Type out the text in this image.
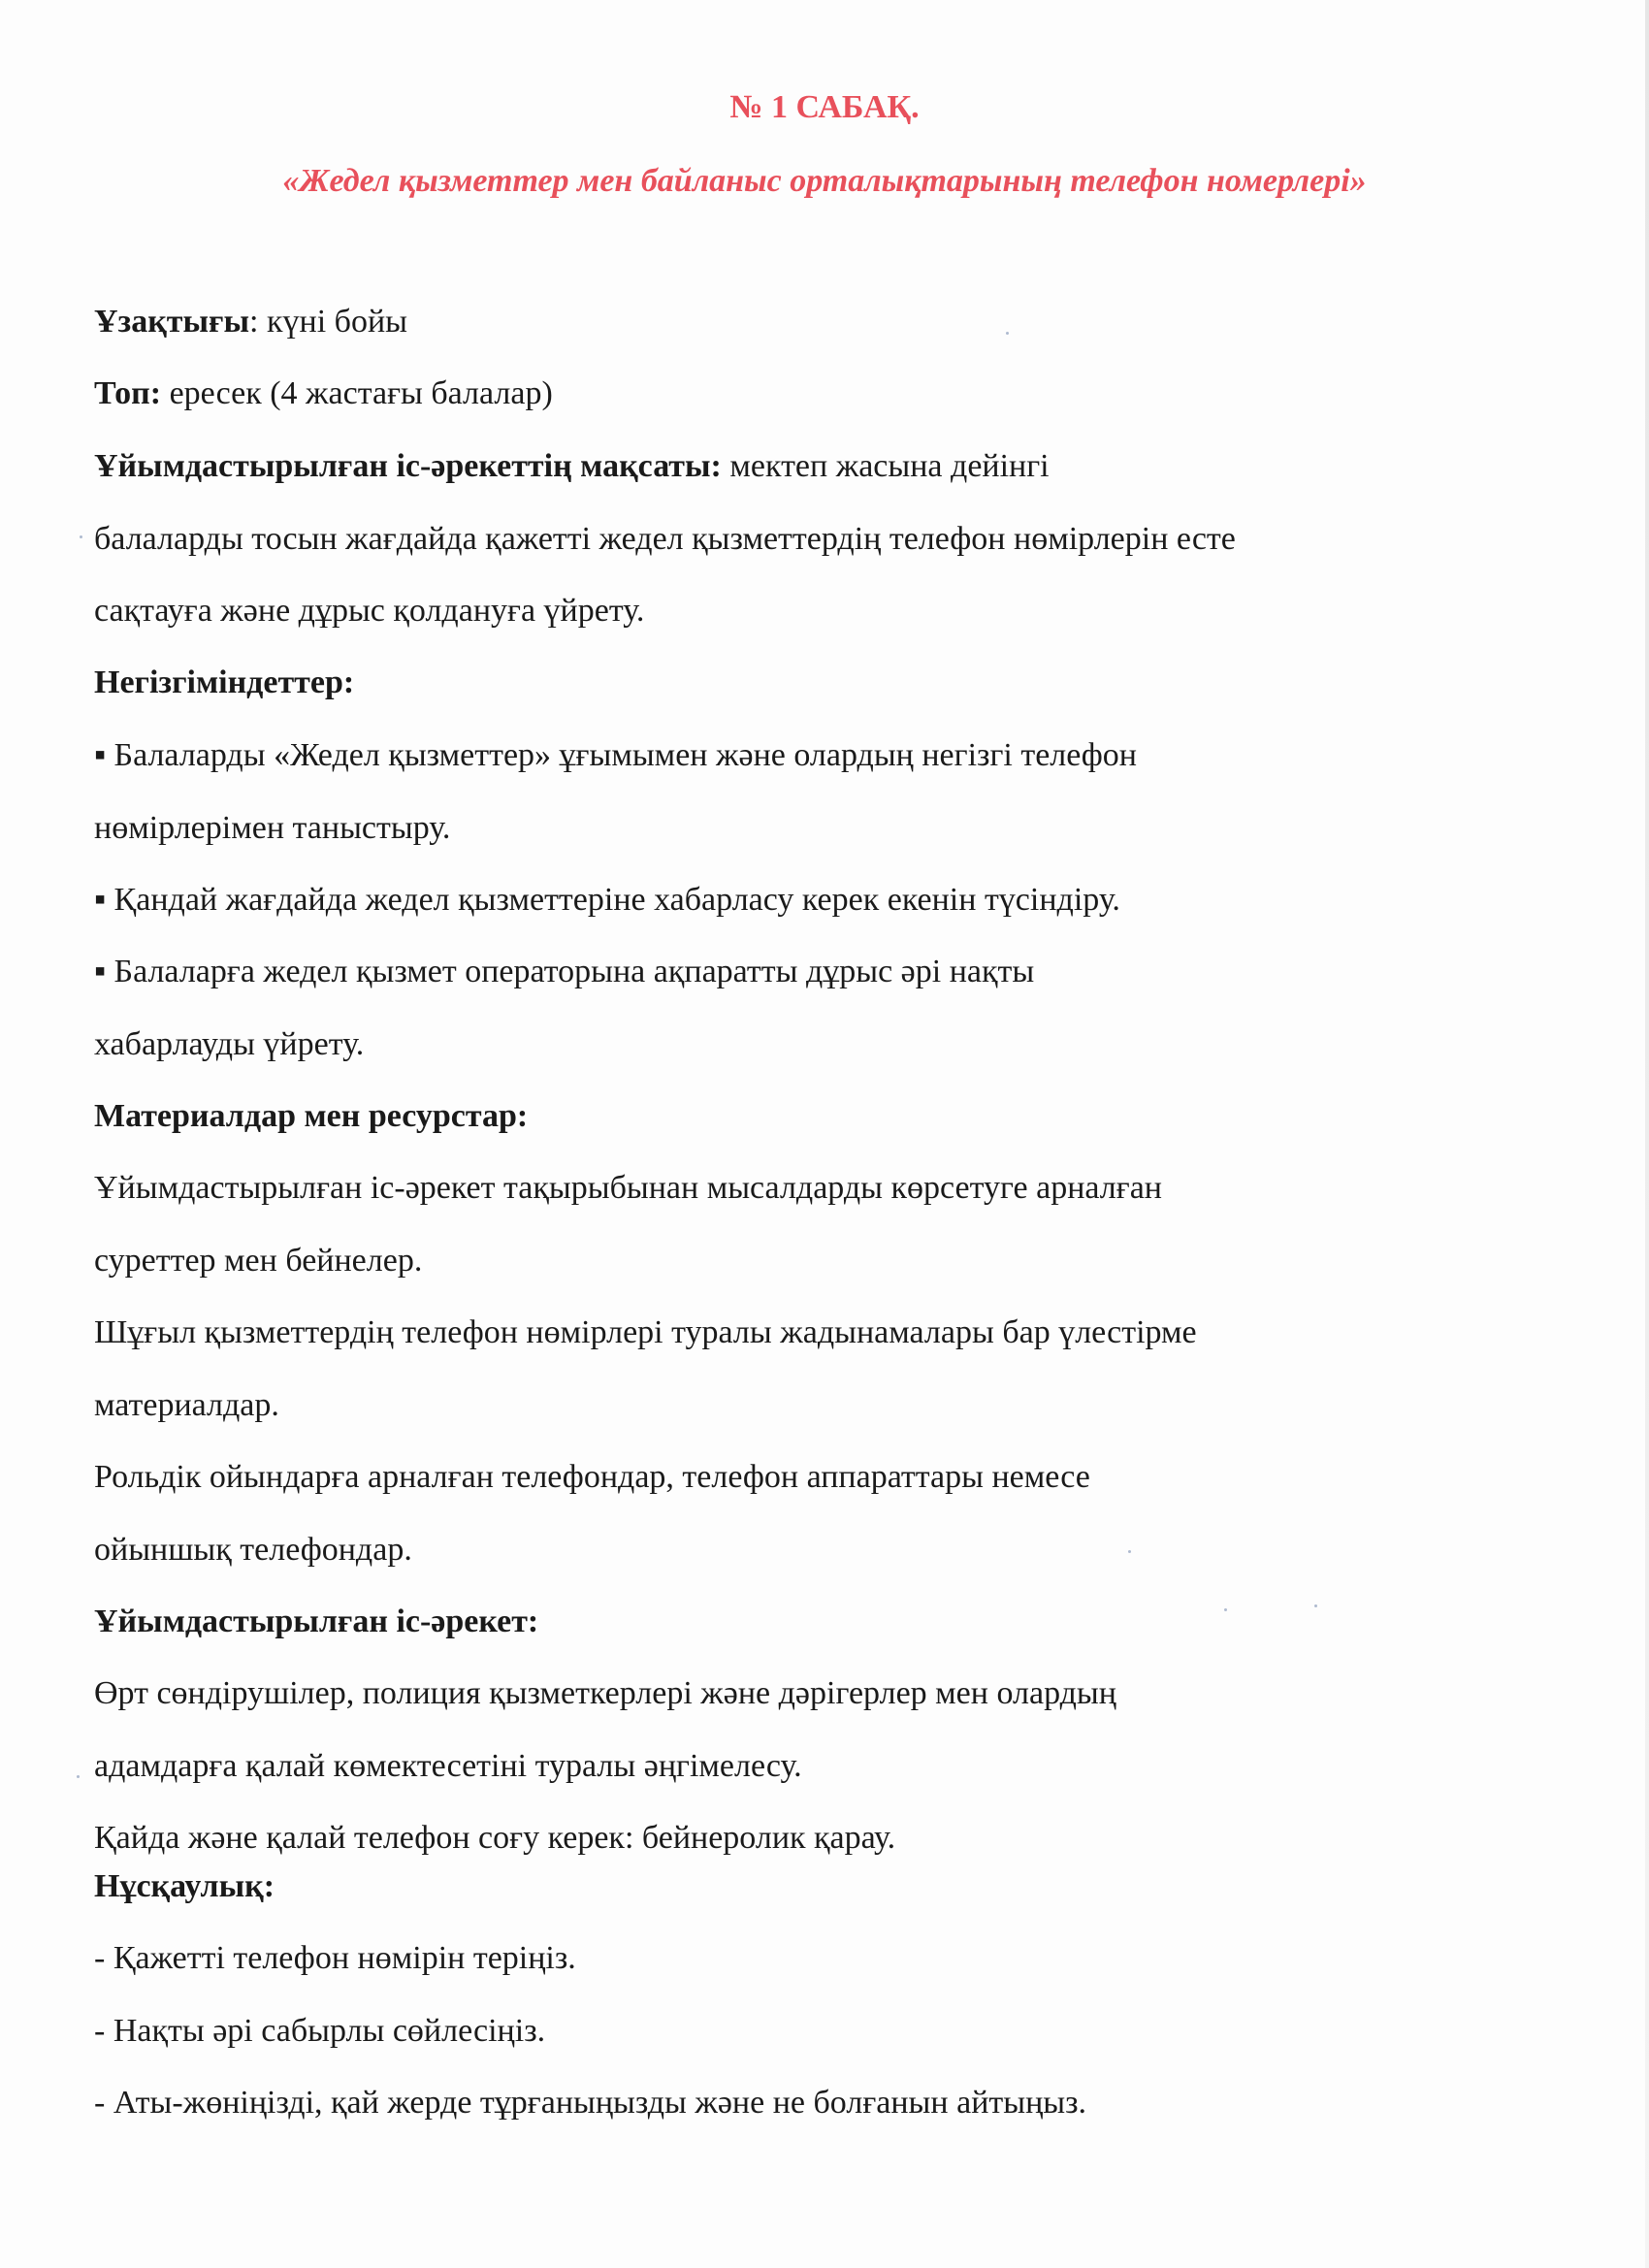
№ 1 САБАҚ.
«Жедел қызметтер мен байланыс орталықтарының телефон номерлері»
Ұзақтығы: күні бойы
Топ: ересек (4 жастағы балалар)
Ұйымдастырылған іс-әрекеттің мақсаты: мектеп жасына дейінгі
балаларды тосын жағдайда қажетті жедел қызметтердің телефон нөмірлерін есте
сақтауға және дұрыс қолдануға үйрету.
Негізгіміндеттер:
▪ Балаларды «Жедел қызметтер» ұғымымен және олардың негізгі телефон
нөмірлерімен таныстыру.
▪ Қандай жағдайда жедел қызметтеріне хабарласу керек екенін түсіндіру.
▪ Балаларға жедел қызмет операторына ақпаратты дұрыс әрі нақты
хабарлауды үйрету.
Материалдар мен ресурстар:
Ұйымдастырылған іс-әрекет тақырыбынан мысалдарды көрсетуге арналған
суреттер мен бейнелер.
Шұғыл қызметтердің телефон нөмірлері туралы жадынамалары бар үлестірме
материалдар.
Рольдік ойындарға арналған телефондар, телефон аппараттары немесе
ойыншық телефондар.
Ұйымдастырылған іс-әрекет:
Өрт сөндірушілер, полиция қызметкерлері және дәрігерлер мен олардың
адамдарға қалай көмектесетіні туралы әңгімелесу.
Қайда және қалай телефон соғу керек: бейнеролик қарау.
Нұсқаулық:
- Қажетті телефон нөмірін теріңіз.
- Нақты әрі сабырлы сөйлесіңіз.
- Аты-жөніңізді, қай жерде тұрғаныңызды және не болғанын айтыңыз.
